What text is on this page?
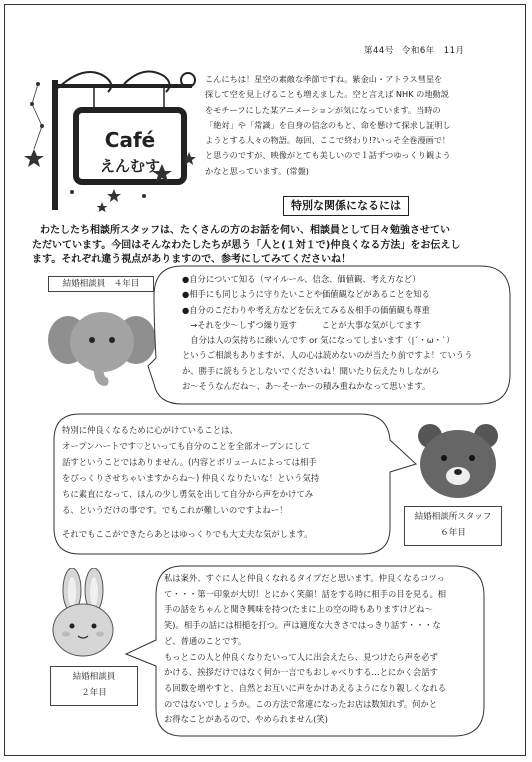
第44号 令和6年　11月
Café
えんむす

こんにちは！星空の素敵な季節ですね。紫金山・アトラス彗星を

探して空を見上げることも増えました。空と言えば NHK の地動説

をモチーフにした某アニメーションが気になっています。当時の

「絶対」や「常識」を自身の信念のもと、命を懸けて探求し証明し

ようとする人々の物語。毎回、ここで終わり!?いっそ全巻漫画で！

と思うのですが、映像がとても美しいので１話ずつゆっくり観よう

かなと思っています。(常盤)

特別な関係になるには

わたしたち相談所スタッフは、たくさんの方のお話を伺い、相談員として日々勉強させてい

ただいています。今回はそんなわたしたちが思う「人と(１対１で)仲良くなる方法」をお伝えし

ます。それぞれ違う視点がありますので、参考にしてみてくださいね！

結婚相談員　４年目	●自分について知る（マイルール、信念、価値観、考え方など）

●相手にも同じように守りたいことや価値観などがあることを知る

●自分のこだわりや考え方などを伝えてみる＆相手の価値観も尊重

　→それを少～しずつ繰り返す　　　ことが大事な気がしてます

　自分は人の気持ちに疎いんです or 気になってしまいます（|´・ω・`）

というご相談もありますが、人の心は読めないのが当たり前ですよ！ていうう

か、勝手に読もうとしないでくださいね！聞いたり伝えたりしながら

お～そうなんだね～、あ～そーかーの積み重ねかなって思います。

特別に仲良くなるために心がけていることは、

オープンハートです♡といっても自分のことを全部オープンにして

話すということではありません。(内容とボリュームによっては相手

をびっくりさせちゃいますからね～) 仲良くなりたいな！という気持

ちに素直になって、ほんの少し勇気を出して自分から声をかけてみ

る、というだけの事です。でもこれが難しいのですよねー！

それでもここができたらあとはゆっくりでも大丈夫な気がします。

結婚相談所スタッフ
６年目
結婚相談員
２年目

私は案外、すぐに人と仲良くなれるタイプだと思います。仲良くなるコツっ

て・・・第一印象が大切！とにかく笑顔！話をする時に相手の目を見る。相

手の話をちゃんと聞き興味を持つ(たまに上の空の時もありますけどね～

笑)。相手の話には相槌を打つ。声は適度な大きさではっきり話す・・・な

ど、普通のことです。

もっとこの人と仲良くなりたいって人に出会えたら、見つけたら声を必ず

かける、挨拶だけではなく何か一言でもおしゃべりする…とにかく会話す

る回数を増やすと、自然とお互いに声をかけあえるようになり親しくなれる

のではないでしょうか。この方法で常連になったお店は数知れず。何かと

お得なことがあるので、やめられません(笑)
